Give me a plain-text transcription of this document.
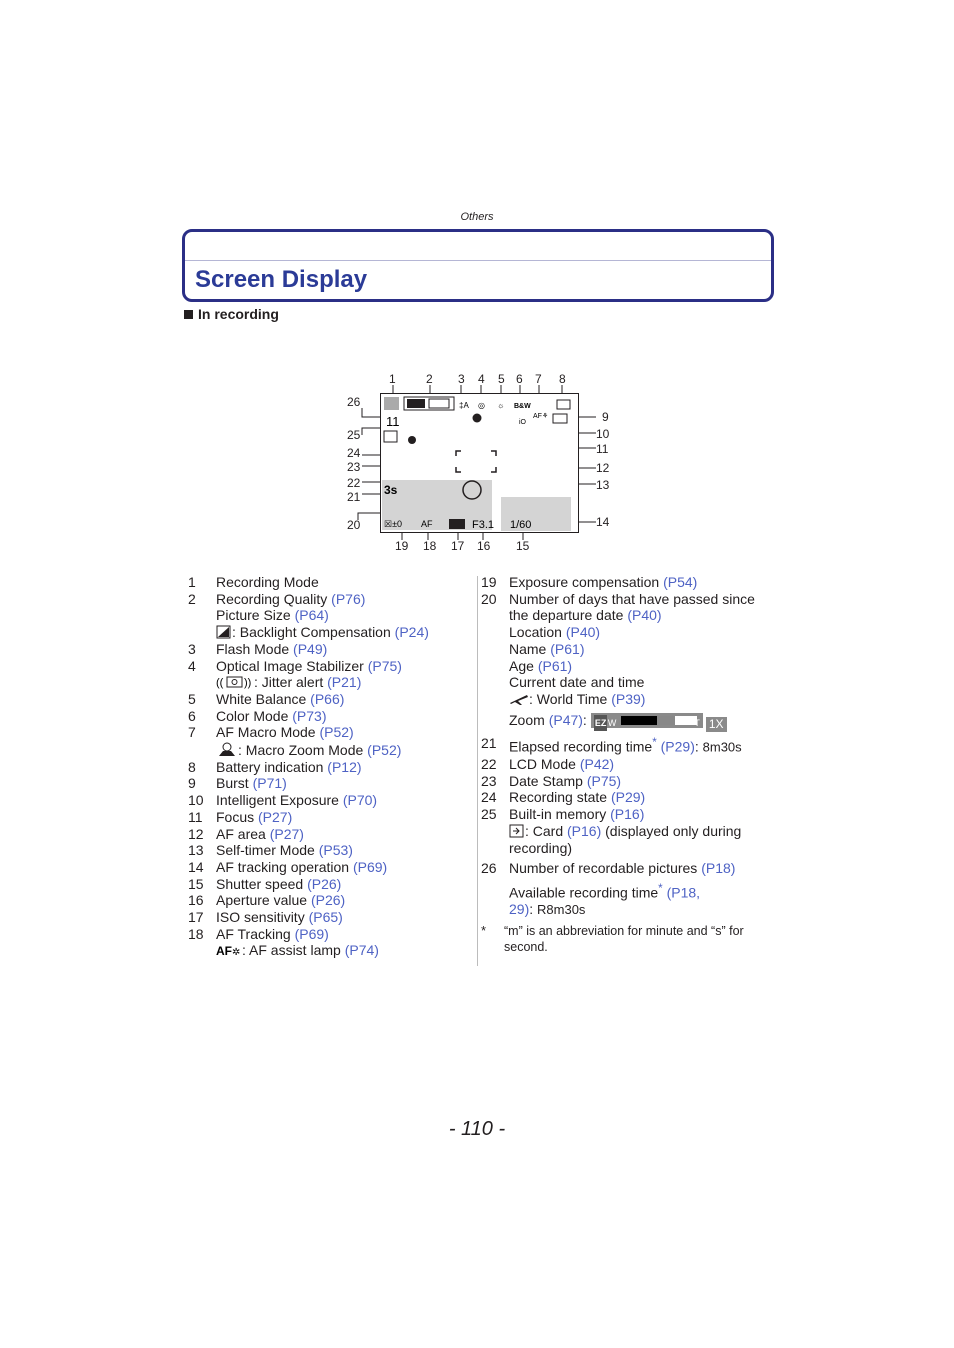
Others
Screen Display
In recording
‡A ◎ ☼ B&W
AF⚘
iO
11
3s
☒±0 AF	F3.1 1/60
1	2 3 4 5 6 7 8
9
10
11
12
13
14
26
25
24
23
22
21
20
19 18 17 16 15
1 Recording Mode
2 Recording Quality (P76)
Picture Size (P64)
: Backlight Compensation (P24)
3 Flash Mode (P49)
4 Optical Image Stabilizer (P75)
(( )) : Jitter alert (P21)
5 White Balance (P66)
6 Color Mode (P73)
7 AF Macro Mode (P52)
: Macro Zoom Mode (P52)
8 Battery indication (P12)
9 Burst (P71)
10 Intelligent Exposure (P70)
11 Focus (P27)
12 AF area (P27)
13 Self-timer Mode (P53)
14 AF tracking operation (P69)
15 Shutter speed (P26)
16 Aperture value (P26)
17 ISO sensitivity (P65)
18 AF Tracking (P69)
AF ✲ : AF assist lamp (P74)
19 Exposure compensation (P54)
20 Number of days that have passed since
the departure date (P40)
Location (P40)
Name (P61)
Age (P61)
Current date and time
: World Time (P39)
Zoom (P47): EZ W	T 1X
21 Elapsed recording time* (P29): 8m30s
22 LCD Mode (P42)
23 Date Stamp (P75)
24 Recording state (P29)
25 Built-in memory (P16)
: Card (P16) (displayed only during
recording)
26 Number of recordable pictures (P18)
Available recording time* (P18,
29): R8m30s
* “m” is an abbreviation for minute and “s” for second.
- 110 -
